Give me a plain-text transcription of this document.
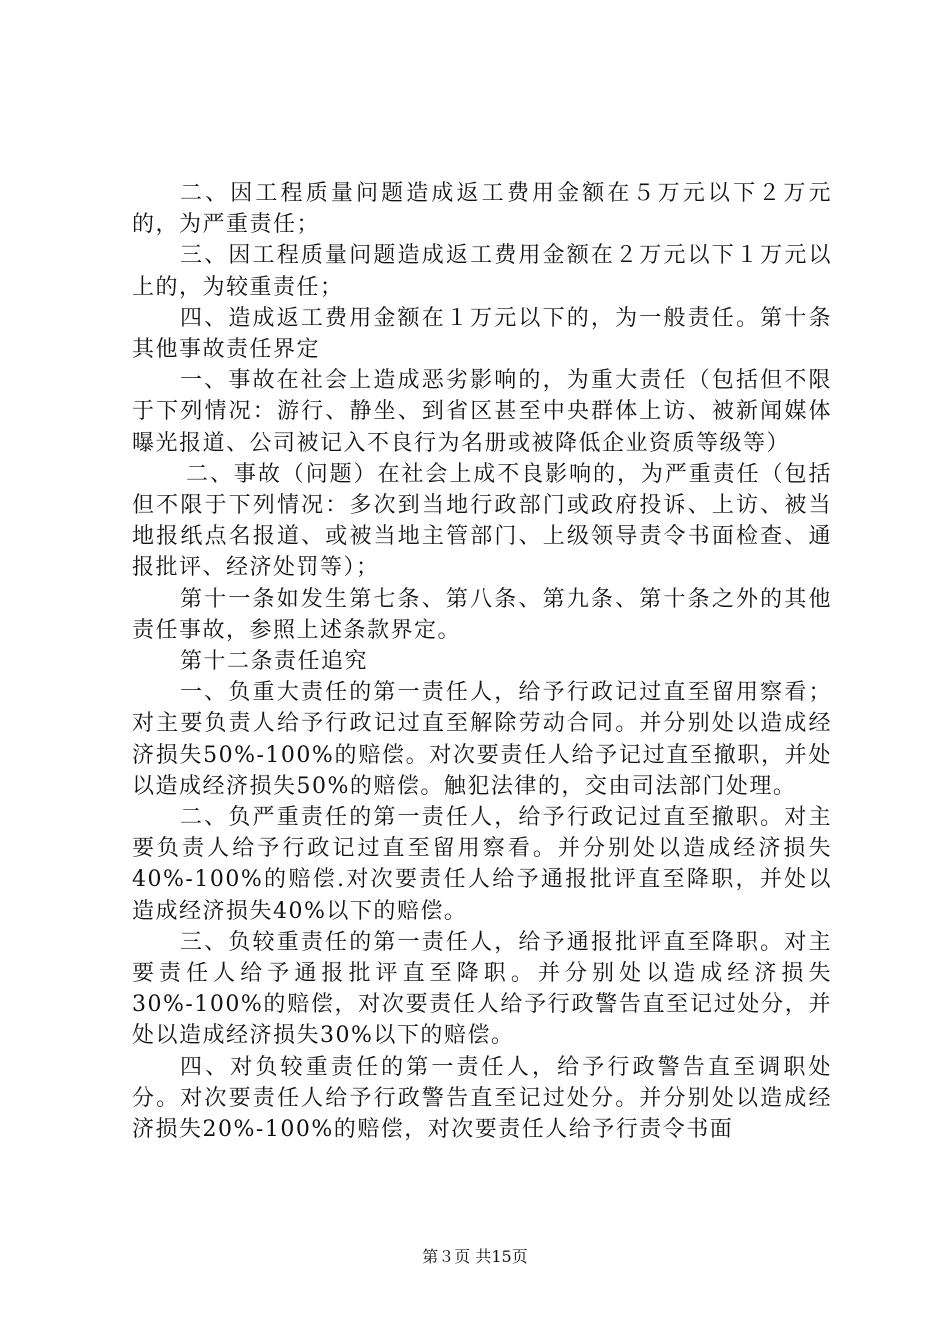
二、因工程质量问题造成返工费用金额在５万元以下２万元的，为严重责任；

三、因工程质量问题造成返工费用金额在２万元以下１万元以上的，为较重责任；

四、造成返工费用金额在１万元以下的，为一般责任。第十条其他事故责任界定

一、事故在社会上造成恶劣影响的，为重大责任（包括但不限于下列情况：游行、静坐、到省区甚至中央群体上访、被新闻媒体曝光报道、公司被记入不良行为名册或被降低企业资质等级等）

二、事故（问题）在社会上成不良影响的，为严重责任（包括但不限于下列情况：多次到当地行政部门或政府投诉、上访、被当地报纸点名报道、或被当地主管部门、上级领导责令书面检查、通报批评、经济处罚等）；

第十一条如发生第七条、第八条、第九条、第十条之外的其他责任事故，参照上述条款界定。

第十二条责任追究

一、负重大责任的第一责任人，给予行政记过直至留用察看；对主要负责人给予行政记过直至解除劳动合同。并分别处以造成经济损失50%-100%的赔偿。对次要责任人给予记过直至撤职，并处以造成经济损失50%的赔偿。触犯法律的，交由司法部门处理。

二、负严重责任的第一责任人，给予行政记过直至撤职。对主要负责人给予行政记过直至留用察看。并分别处以造成经济损失40%-100%的赔偿.对次要责任人给予通报批评直至降职，并处以造成经济损失40%以下的赔偿。

三、负较重责任的第一责任人，给予通报批评直至降职。对主要责任人给予通报批评直至降职。并分别处以造成经济损失30%-100%的赔偿，对次要责任人给予行政警告直至记过处分，并处以造成经济损失30%以下的赔偿。

四、对负较重责任的第一责任人，给予行政警告直至调职处分。对次要责任人给予行政警告直至记过处分。并分别处以造成经济损失20%-100%的赔偿，对次要责任人给予行责令书面

第３页 共15页
